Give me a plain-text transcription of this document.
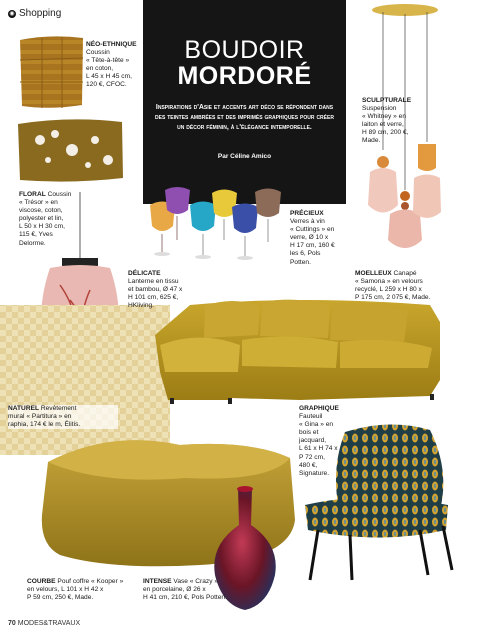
◉ Shopping
BOUDOIR
MORDORÉ
Inspirations d'Asie et accents art déco se répondent dans des teintes ambrées et des imprimés graphiques pour créer un décor féminin, à l'élégance intemporelle.
Par Céline Amico
NÉO-ETHNIQUE
Coussin
« Tête-à-tête »
en coton,
L 45 x H 45 cm,
120 €, CFOC.
FLORAL Coussin
« Trésor » en
viscose, coton,
polyester et lin,
L 50 x H 30 cm,
115 €, Yves
Delorme.
PRÉCIEUX
Verres à vin
« Cuttings » en
verre, Ø 10 x
H 17 cm, 160 €
les 6, Pols
Potten.
SCULPTURALE
Suspension
« Whitney » en
laiton et verre,
H 89 cm, 200 €,
Made.
DÉLICATE
Lanterne en tissu
et bambou, Ø 47 x
H 101 cm, 625 €,
HKliving.
MOELLEUX Canapé
« Samona » en velours
recyclé, L 259 x H 80 x
P 175 cm, 2 075 €, Made.
NATUREL Revêtement
mural « Partitura » en
raphia, 174 € le m, Élitis.
GRAPHIQUE
Fauteuil
« Gina » en
bois et
jacquard,
L 61 x H 74 x
P 72 cm,
480 €,
Signature.
COURBE Pouf coffre « Kooper »
en velours, L 101 x H 42 x
P 59 cm, 250 €, Made.
INTENSE Vase « Crazy »
en porcelaine, Ø 26 x
H 41 cm, 210 €, Pols Potten.
70 MODES&TRAVAUX
